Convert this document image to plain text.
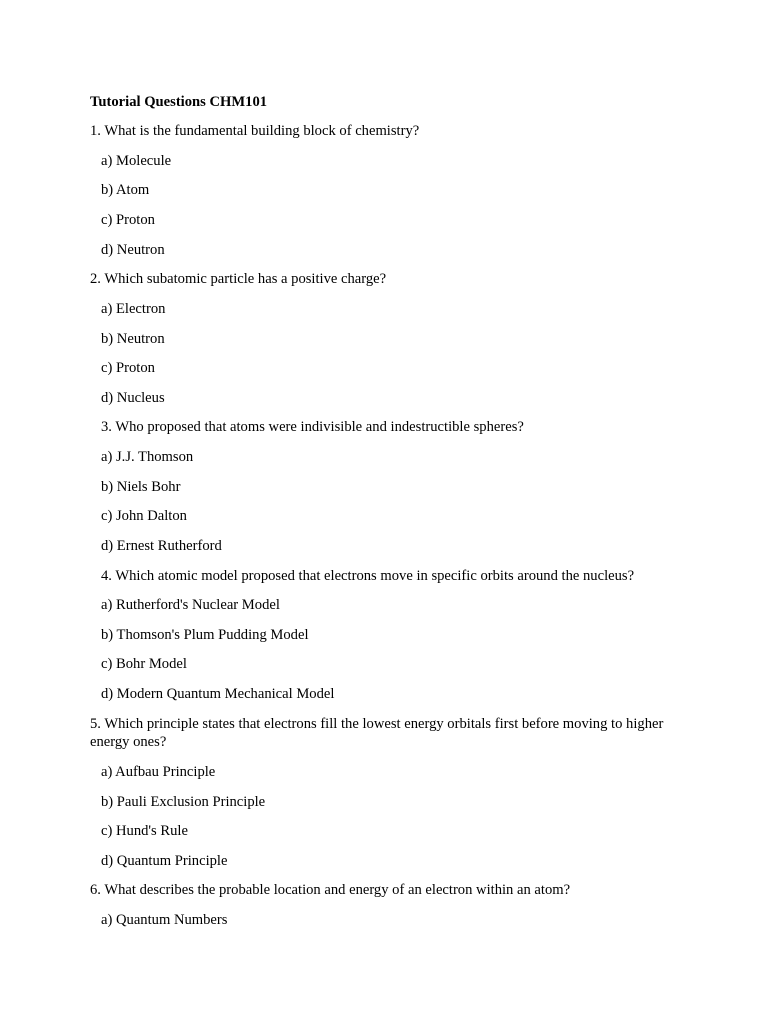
Tutorial Questions CHM101
1. What is the fundamental building block of chemistry?
a) Molecule
b) Atom
c) Proton
d) Neutron
2. Which subatomic particle has a positive charge?
a) Electron
b) Neutron
c) Proton
d) Nucleus
3. Who proposed that atoms were indivisible and indestructible spheres?
a) J.J. Thomson
b) Niels Bohr
c) John Dalton
d) Ernest Rutherford
4. Which atomic model proposed that electrons move in specific orbits around the nucleus?
a) Rutherford's Nuclear Model
b) Thomson's Plum Pudding Model
c) Bohr Model
d) Modern Quantum Mechanical Model
5. Which principle states that electrons fill the lowest energy orbitals first before moving to higher energy ones?
a) Aufbau Principle
b) Pauli Exclusion Principle
c) Hund's Rule
d) Quantum Principle
6. What describes the probable location and energy of an electron within an atom?
a) Quantum Numbers
